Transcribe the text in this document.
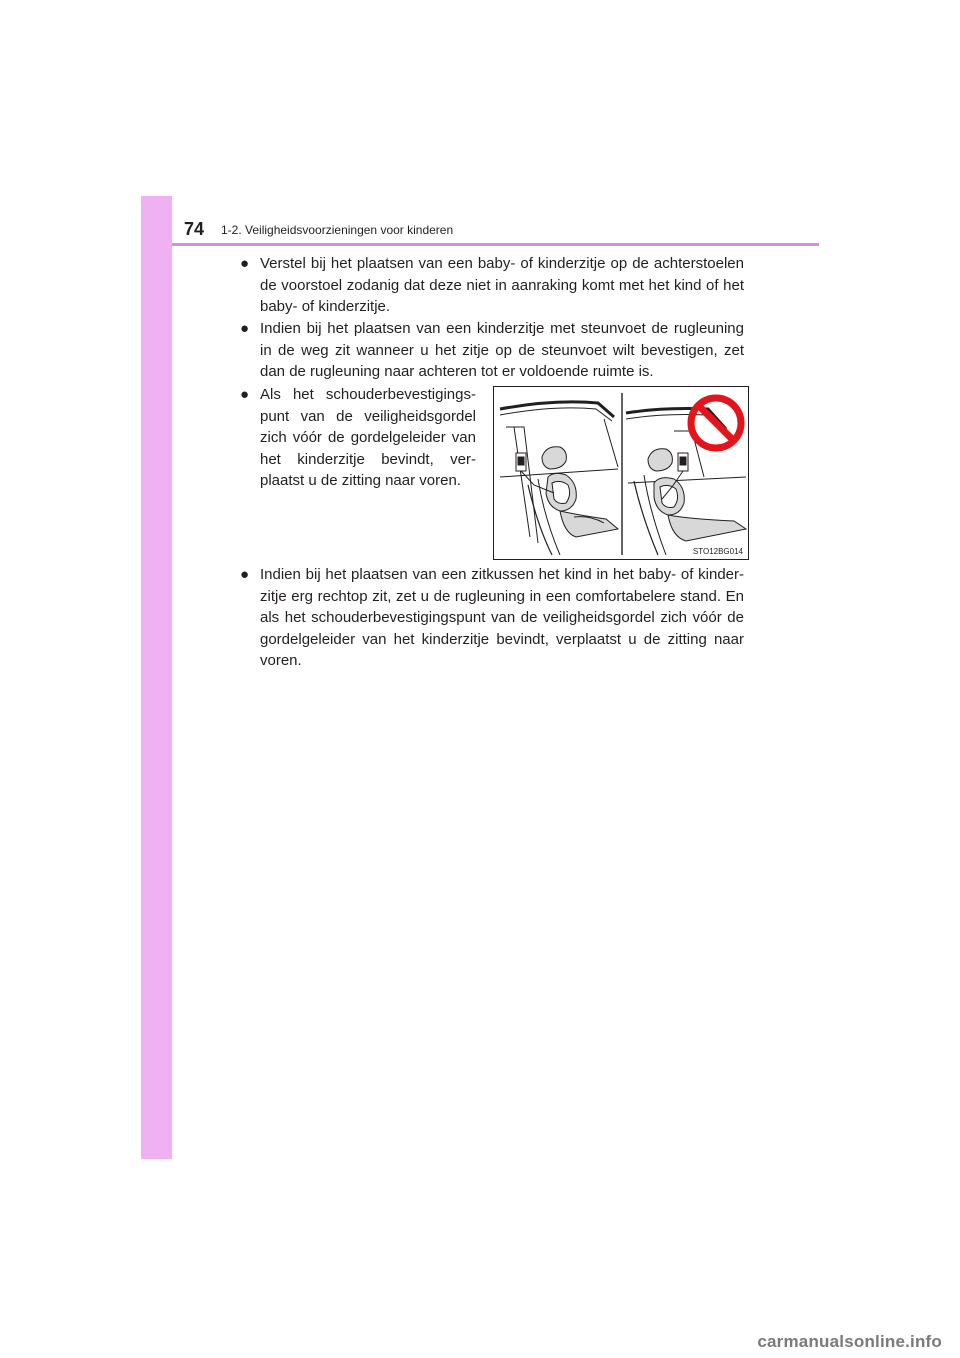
74 1-2. Veiligheidsvoorzieningen voor kinderen
● Verstel bij het plaatsen van een baby- of kinderzitje op de achterstoelen de voorstoel zodanig dat deze niet in aanraking komt met het kind of het baby- of kinderzitje.

● Indien bij het plaatsen van een kinderzitje met steunvoet de rugleuning in de weg zit wanneer u het zitje op de steunvoet wilt bevestigen, zet dan de rugleuning naar achteren tot er voldoende ruimte is.

● Als het schouderbevestigings-punt van de veiligheidsgordel zich vóór de gordelgeleider van het kinderzitje bevindt, ver-plaatst u de zitting naar voren.

STO12BG014
● Indien bij het plaatsen van een zitkussen het kind in het baby- of kinder-zitje erg rechtop zit, zet u de rugleuning in een comfortabelere stand. En als het schouderbevestigingspunt van de veiligheidsgordel zich vóór de gordelgeleider van het kinderzitje bevindt, verplaatst u de zitting naar voren.

carmanualsonline.info
